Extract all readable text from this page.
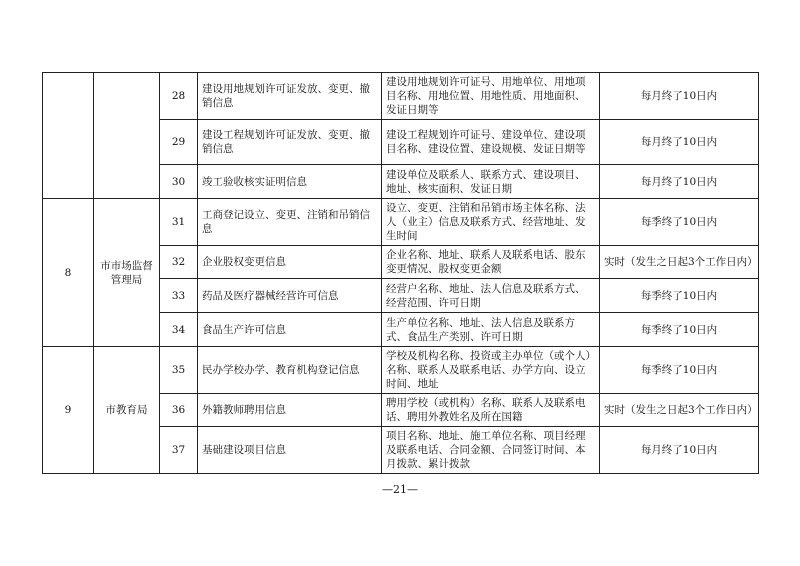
		28	建设用地规划许可证发放、变更、撤销信息	建设用地规划许可证号、用地单位、用地项目名称、用地位置、用地性质、用地面积、发证日期等	每月终了10日内
		29	建设工程规划许可证发放、变更、撤销信息	建设工程规划许可证号、建设单位、建设项目名称、建设位置、建设规模、发证日期等	每月终了10日内
		30	竣工验收核实证明信息	建设单位及联系人、联系方式、建设项目、地址、核实面积、发证日期	每月终了10日内
8	市市场监督管理局	31	工商登记设立、变更、注销和吊销信息	设立、变更、注销和吊销市场主体名称、法人（业主）信息及联系方式、经营地址、发生时间	每季终了10日内
		32	企业股权变更信息	企业名称、地址、联系人及联系电话、股东变更情况、股权变更金额	实时（发生之日起3个工作日内）
		33	药品及医疗器械经营许可信息	经营户名称、地址、法人信息及联系方式、经营范围、许可日期	每季终了10日内
		34	食品生产许可信息	生产单位名称、地址、法人信息及联系方式、食品生产类别、许可日期	每季终了10日内
9	市教育局	35	民办学校办学、教育机构登记信息	学校及机构名称、投资或主办单位（或个人）名称、联系人及联系电话、办学方向、设立时间、地址	每季终了10日内
		36	外籍教师聘用信息	聘用学校（或机构）名称、联系人及联系电话、聘用外教姓名及所在国籍	实时（发生之日起3个工作日内）
		37	基础建设项目信息	项目名称、地址、施工单位名称、项目经理及联系电话、合同金额、合同签订时间、本月拨款、累计拨款	每月终了10日内
—21—
